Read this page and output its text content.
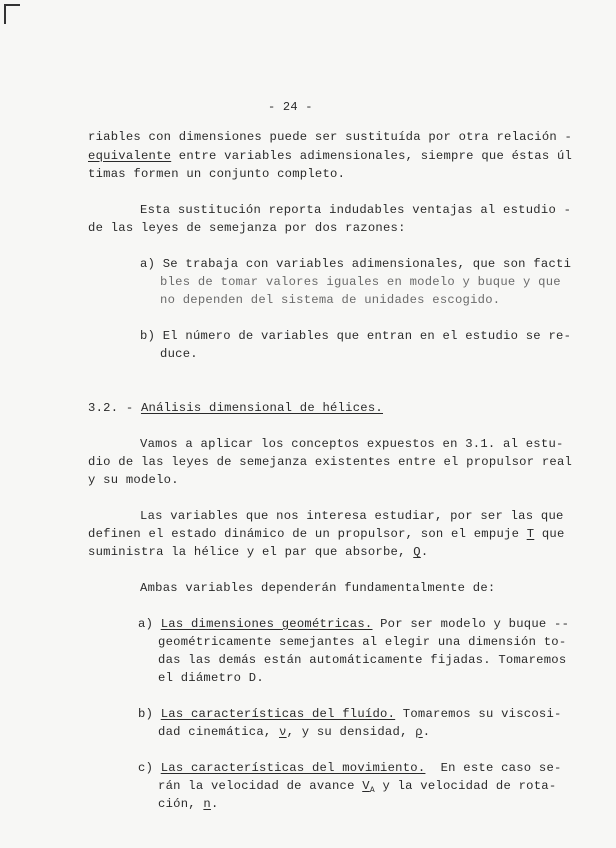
- 24 -
riables con dimensiones puede ser sustituída por otra relación -
equivalente entre variables adimensionales, siempre que éstas úl
timas formen un conjunto completo.
Esta sustitución reporta indudables ventajas al estudio -
de las leyes de semejanza por dos razones:
a) Se trabaja con variables adimensionales, que son facti
bles de tomar valores iguales en modelo y buque y que
no dependen del sistema de unidades escogido.
b) El número de variables que entran en el estudio se re-
duce.
3.2. - Análisis dimensional de hélices.
Vamos a aplicar los conceptos expuestos en 3.1. al estu-
dio de las leyes de semejanza existentes entre el propulsor real
y su modelo.
Las variables que nos interesa estudiar, por ser las que
definen el estado dinámico de un propulsor, son el empuje T que
suministra la hélice y el par que absorbe, Q.
Ambas variables dependerán fundamentalmente de:
a) Las dimensiones geométricas. Por ser modelo y buque --
geométricamente semejantes al elegir una dimensión to-
das las demás están automáticamente fijadas. Tomaremos
el diámetro D.
b) Las características del fluído. Tomaremos su viscosi-
dad cinemática, ν, y su densidad, ρ.
c) Las características del movimiento.  En este caso se-
rán la velocidad de avance $V_A$ y la velocidad de rota-
ción, n.
